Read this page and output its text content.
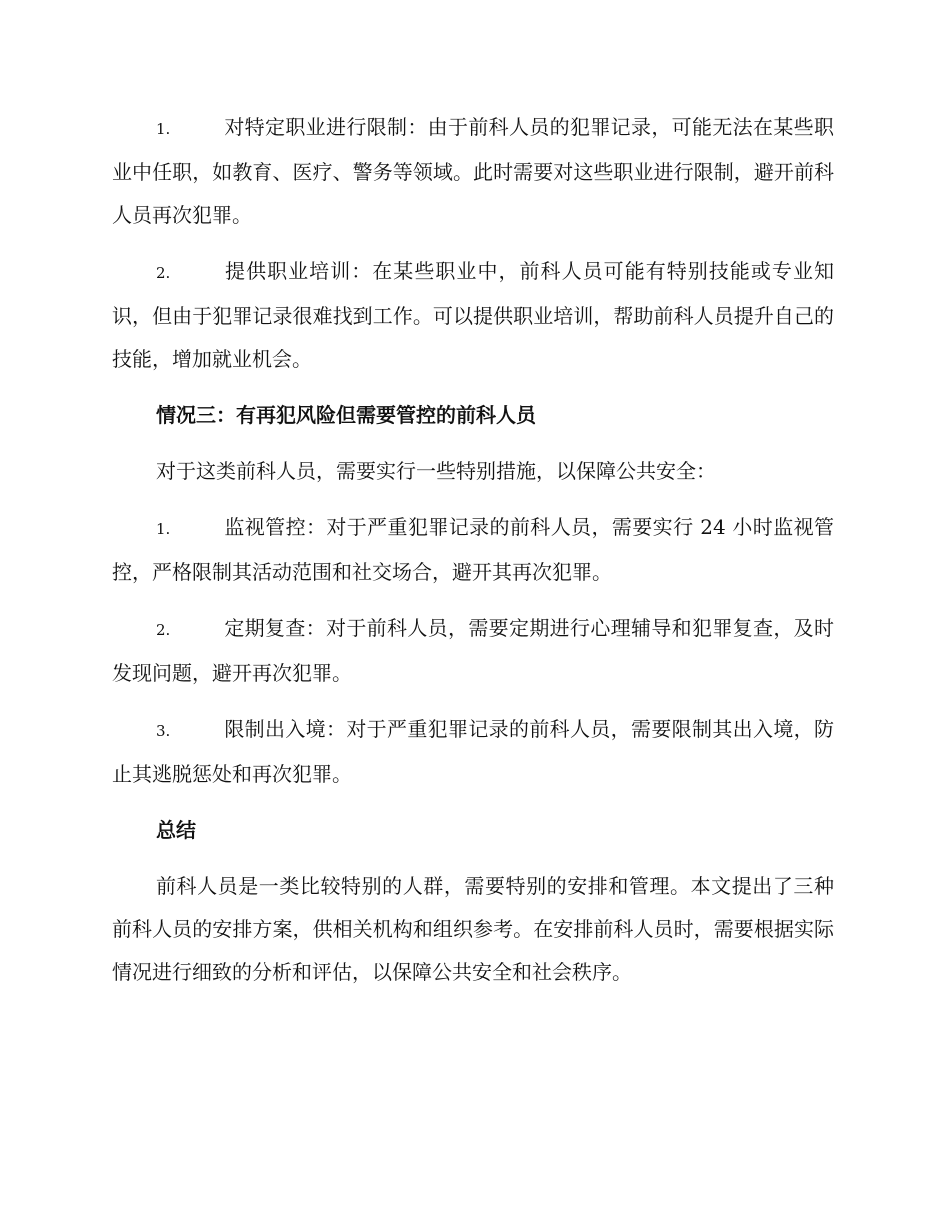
1.	对特定职业进行限制：由于前科人员的犯罪记录，可能无法在某些职业中任职，如教育、医疗、警务等领域。此时需要对这些职业进行限制，避开前科人员再次犯罪。

2.	提供职业培训：在某些职业中，前科人员可能有特别技能或专业知识，但由于犯罪记录很难找到工作。可以提供职业培训，帮助前科人员提升自己的技能，增加就业机会。

情况三：有再犯风险但需要管控的前科人员

对于这类前科人员，需要实行一些特别措施，以保障公共安全：

1.	监视管控：对于严重犯罪记录的前科人员，需要实行 24 小时监视管控，严格限制其活动范围和社交场合，避开其再次犯罪。

2.	定期复查：对于前科人员，需要定期进行心理辅导和犯罪复查，及时发现问题，避开再次犯罪。

3.	限制出入境：对于严重犯罪记录的前科人员，需要限制其出入境，防止其逃脱惩处和再次犯罪。

总结

前科人员是一类比较特别的人群，需要特别的安排和管理。本文提出了三种前科人员的安排方案，供相关机构和组织参考。在安排前科人员时，需要根据实际情况进行细致的分析和评估，以保障公共安全和社会秩序。
